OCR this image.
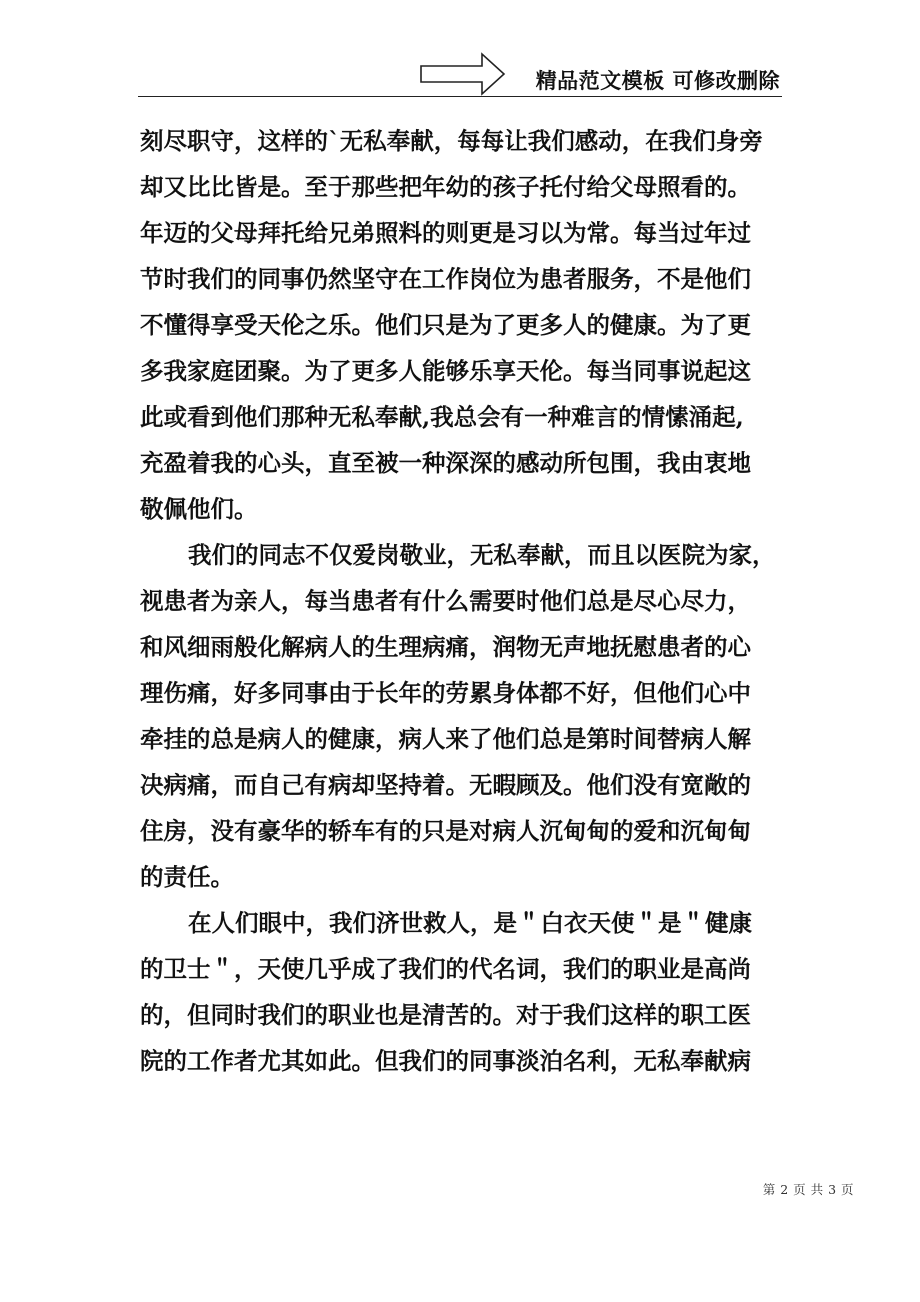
精品范文模板 可修改删除
刻尽职守，这样的`无私奉献，每每让我们感动，在我们身旁
却又比比皆是。至于那些把年幼的孩子托付给父母照看的。
年迈的父母拜托给兄弟照料的则更是习以为常。每当过年过
节时我们的同事仍然坚守在工作岗位为患者服务，不是他们
不懂得享受天伦之乐。他们只是为了更多人的健康。为了更
多我家庭团聚。为了更多人能够乐享天伦。每当同事说起这
此或看到他们那种无私奉献,我总会有一种难言的情愫涌起,
充盈着我的心头，直至被一种深深的感动所包围，我由衷地
敬佩他们。
我们的同志不仅爱岗敬业，无私奉献，而且以医院为家，
视患者为亲人，每当患者有什么需要时他们总是尽心尽力，
和风细雨般化解病人的生理病痛，润物无声地抚慰患者的心
理伤痛，好多同事由于长年的劳累身体都不好，但他们心中
牵挂的总是病人的健康，病人来了他们总是第时间替病人解
决病痛，而自己有病却坚持着。无暇顾及。他们没有宽敞的
住房，没有豪华的轿车有的只是对病人沉甸甸的爱和沉甸甸
的责任。
在人们眼中，我们济世救人，是＂白衣天使＂是＂健康
的卫士＂，天使几乎成了我们的代名词，我们的职业是高尚
的，但同时我们的职业也是清苦的。对于我们这样的职工医
院的工作者尤其如此。但我们的同事淡泊名利，无私奉献病
第 2 页 共 3 页
